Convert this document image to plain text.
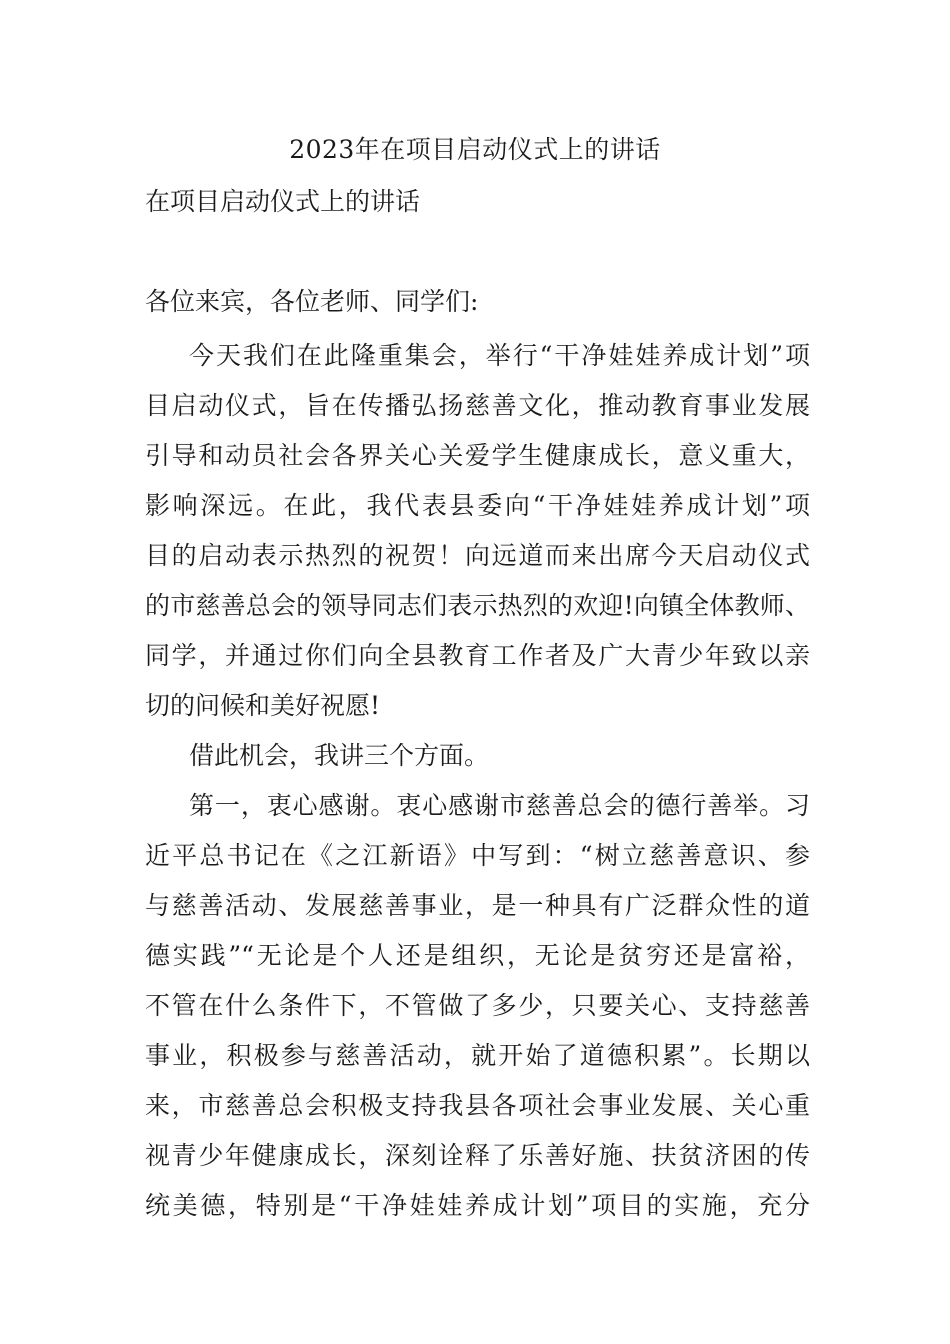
2023年在项目启动仪式上的讲话
在项目启动仪式上的讲话
各位来宾，各位老师、同学们:
今天我们在此隆重集会，举行“干净娃娃养成计划”项
目启动仪式，旨在传播弘扬慈善文化，推动教育事业发展
引导和动员社会各界关心关爱学生健康成长，意义重大，
影响深远。在此，我代表县委向“干净娃娃养成计划”项
目的启动表示热烈的祝贺！向远道而来出席今天启动仪式
的市慈善总会的领导同志们表示热烈的欢迎!向镇全体教师、
同学，并通过你们向全县教育工作者及广大青少年致以亲
切的问候和美好祝愿!
借此机会，我讲三个方面。
第一，衷心感谢。衷心感谢市慈善总会的德行善举。习
近平总书记在《之江新语》中写到：“树立慈善意识、参
与慈善活动、发展慈善事业，是一种具有广泛群众性的道
德实践”“无论是个人还是组织，无论是贫穷还是富裕，
不管在什么条件下，不管做了多少，只要关心、支持慈善
事业，积极参与慈善活动，就开始了道德积累”。长期以
来，市慈善总会积极支持我县各项社会事业发展、关心重
视青少年健康成长，深刻诠释了乐善好施、扶贫济困的传
统美德，特别是“干净娃娃养成计划”项目的实施，充分
